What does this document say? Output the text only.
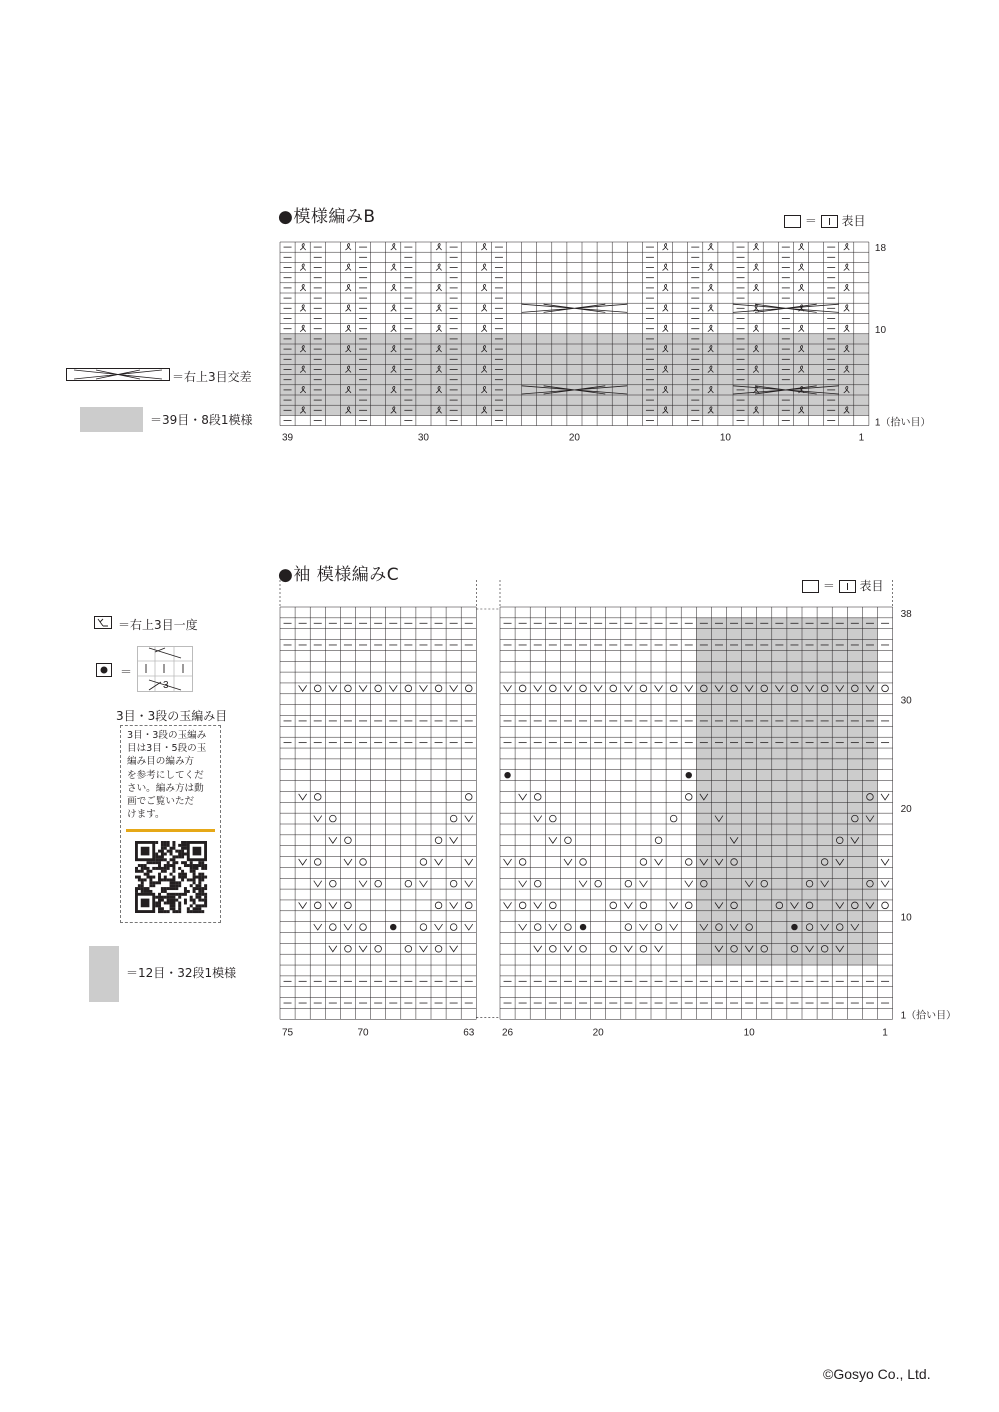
●模様編みB	＝ 表目
18
10
1（拾い目）
39	30	20	10	1
＝右上3目交差
＝39目・8段1模様
●袖 模様編みC
＝ 表目
38
30
20
10
1（拾い目）
75	70	63	26	20	10	1
＝右上3目一度
＝
3
3目・3段の玉編み目
3目・3段の玉編み
目は3目・5段の玉
編み目の編み方
を参考にしてくだ
さい。編み方は動
画でご覧いただ
けます。
＝12目・32段1模様
©Gosyo Co., Ltd.
